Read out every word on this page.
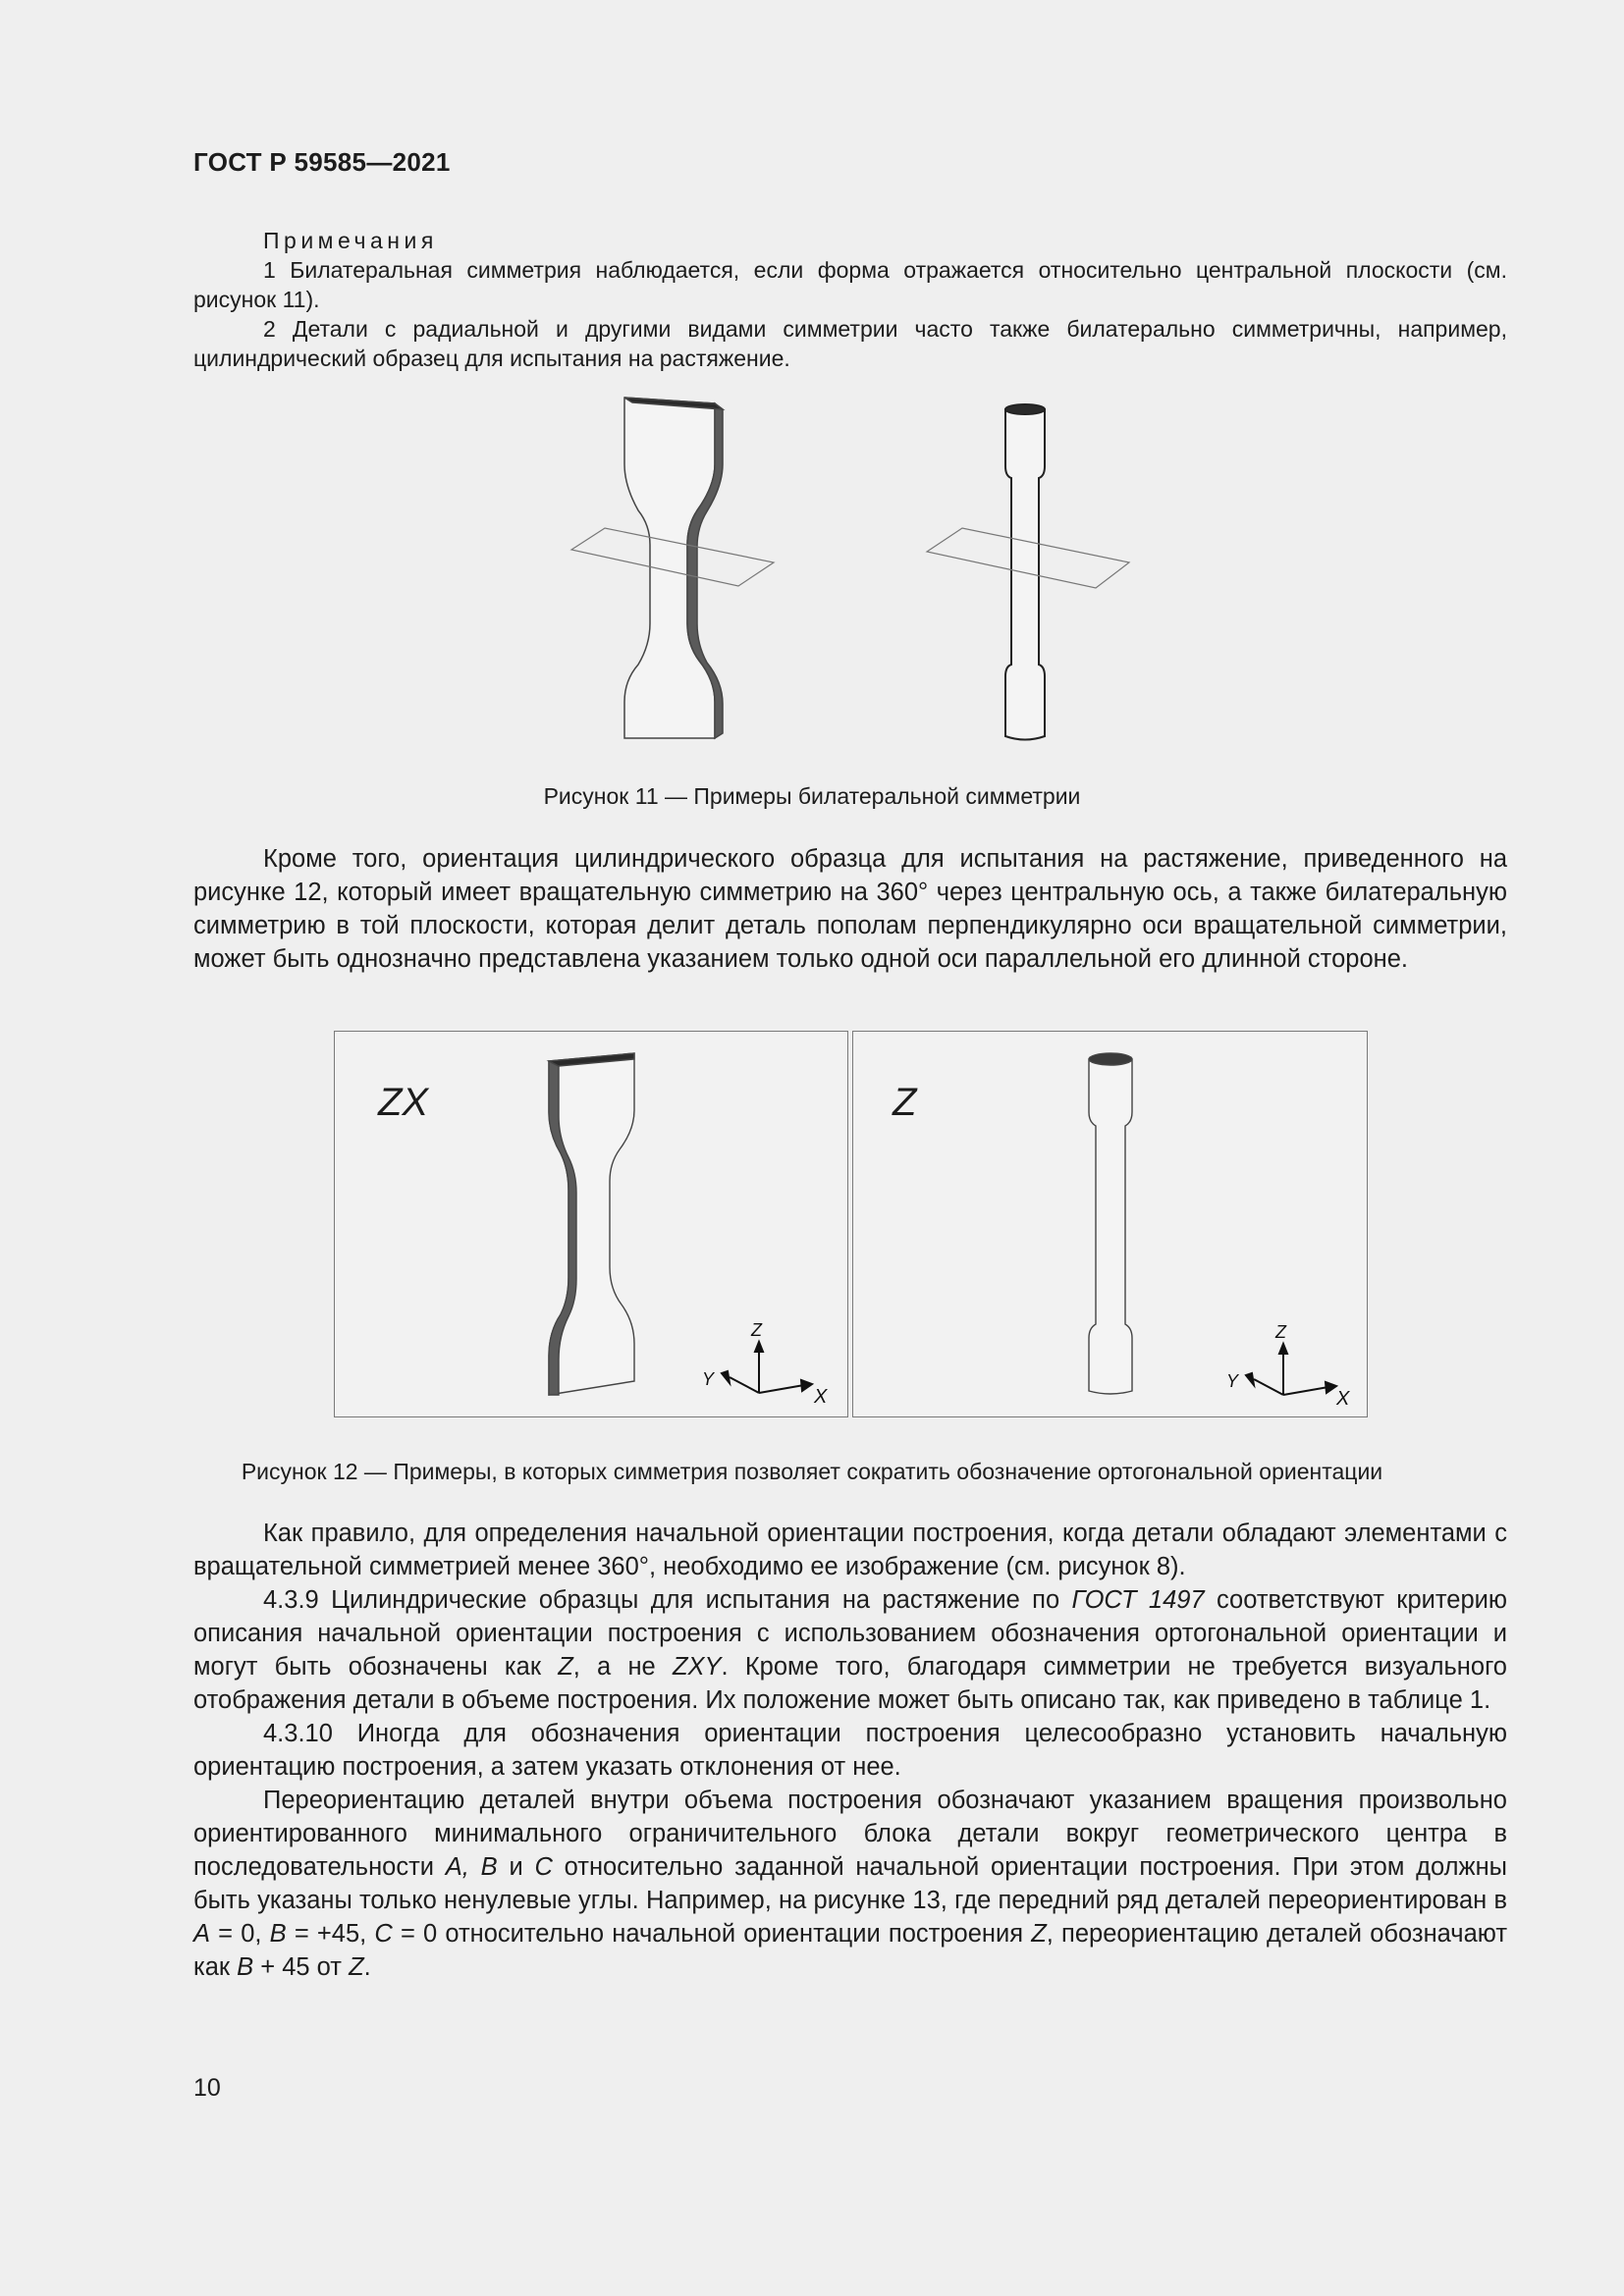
ГОСТ Р 59585—2021

Примечания

1 Билатеральная симметрия наблюдается, если форма отражается относительно центральной плоскости (см. рисунок 11).

2 Детали с радиальной и другими видами симметрии часто также билатерально симметричны, например, цилиндрический образец для испытания на растяжение.

Рисунок 11 — Примеры билатеральной симметрии

Кроме того, ориентация цилиндрического образца для испытания на растяжение, приведенного на рисунке 12, который имеет вращательную симметрию на 360° через центральную ось, а также билатеральную симметрию в той плоскости, которая делит деталь пополам перпендикулярно оси вращательной симметрии, может быть однозначно представлена указанием только одной оси параллельной его длинной стороне.

ZX
Z
Y
X
Z
Z
Y
X
Рисунок 12 — Примеры, в которых симметрия позволяет сократить обозначение ортогональной ориентации

Как правило, для определения начальной ориентации построения, когда детали обладают элементами с вращательной симметрией менее 360°, необходимо ее изображение (см. рисунок 8).

4.3.9 Цилиндрические образцы для испытания на растяжение по ГОСТ 1497 соответствуют критерию описания начальной ориентации построения с использованием обозначения ортогональной ориентации и могут быть обозначены как Z, а не ZXY. Кроме того, благодаря симметрии не требуется визуального отображения детали в объеме построения. Их положение может быть описано так, как приведено в таблице 1.

4.3.10 Иногда для обозначения ориентации построения целесообразно установить начальную ориентацию построения, а затем указать отклонения от нее.

Переориентацию деталей внутри объема построения обозначают указанием вращения произвольно ориентированного минимального ограничительного блока детали вокруг геометрического центра в последовательности A, B и C относительно заданной начальной ориентации построения. При этом должны быть указаны только ненулевые углы. Например, на рисунке 13, где передний ряд деталей переориентирован в A = 0, B = +45, C = 0 относительно начальной ориентации построения Z, переориентацию деталей обозначают как B + 45 от Z.

10
